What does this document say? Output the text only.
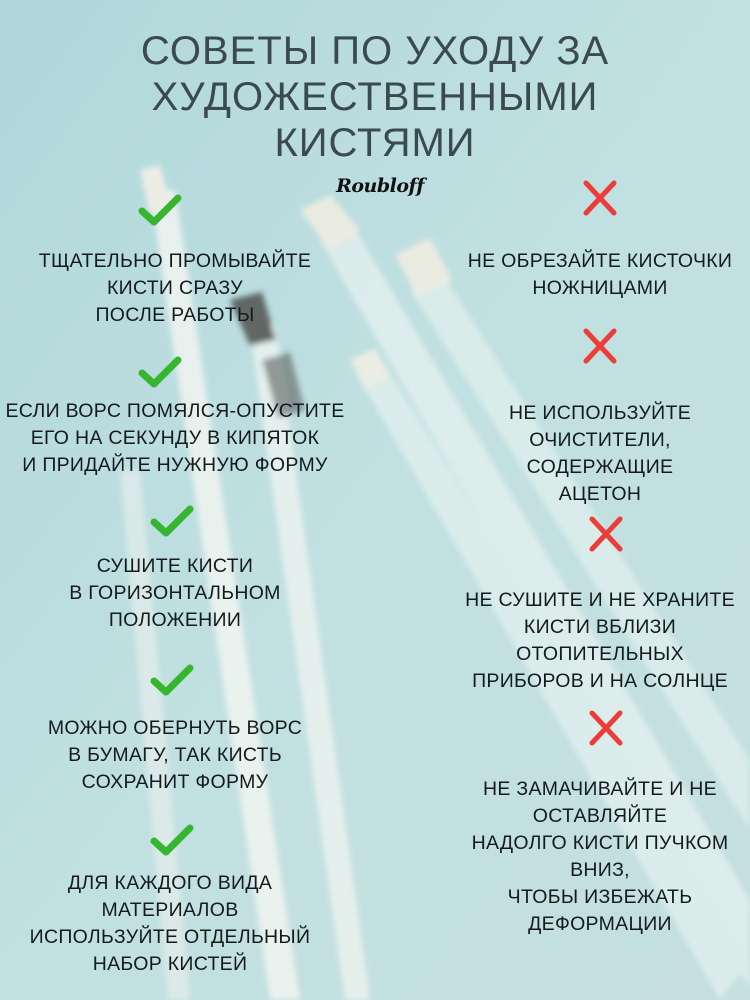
СОВЕТЫ ПО УХОДУ ЗА
ХУДОЖЕСТВЕННЫМИ
КИСТЯМИ
Roubloff
ТЩАТЕЛЬНО ПРОМЫВАЙТЕ
КИСТИ СРАЗУ
ПОСЛЕ РАБОТЫ
ЕСЛИ ВОРС ПОМЯЛСЯ-ОПУСТИТЕ
ЕГО НА СЕКУНДУ В КИПЯТОК
И ПРИДАЙТЕ НУЖНУЮ ФОРМУ
СУШИТЕ КИСТИ
В ГОРИЗОНТАЛЬНОМ
ПОЛОЖЕНИИ
МОЖНО ОБЕРНУТЬ ВОРС
В БУМАГУ, ТАК КИСТЬ
СОХРАНИТ ФОРМУ
ДЛЯ КАЖДОГО ВИДА
МАТЕРИАЛОВ
ИСПОЛЬЗУЙТЕ ОТДЕЛЬНЫЙ
НАБОР КИСТЕЙ
НЕ ОБРЕЗАЙТЕ КИСТОЧКИ
НОЖНИЦАМИ
НЕ ИСПОЛЬЗУЙТЕ
ОЧИСТИТЕЛИ,
СОДЕРЖАЩИЕ
АЦЕТОН
НЕ СУШИТЕ И НЕ ХРАНИТЕ
КИСТИ ВБЛИЗИ
ОТОПИТЕЛЬНЫХ
ПРИБОРОВ И НА СОЛНЦЕ
НЕ ЗАМАЧИВАЙТЕ И НЕ
ОСТАВЛЯЙТЕ
НАДОЛГО КИСТИ ПУЧКОМ
ВНИЗ,
ЧТОБЫ ИЗБЕЖАТЬ
ДЕФОРМАЦИИ
